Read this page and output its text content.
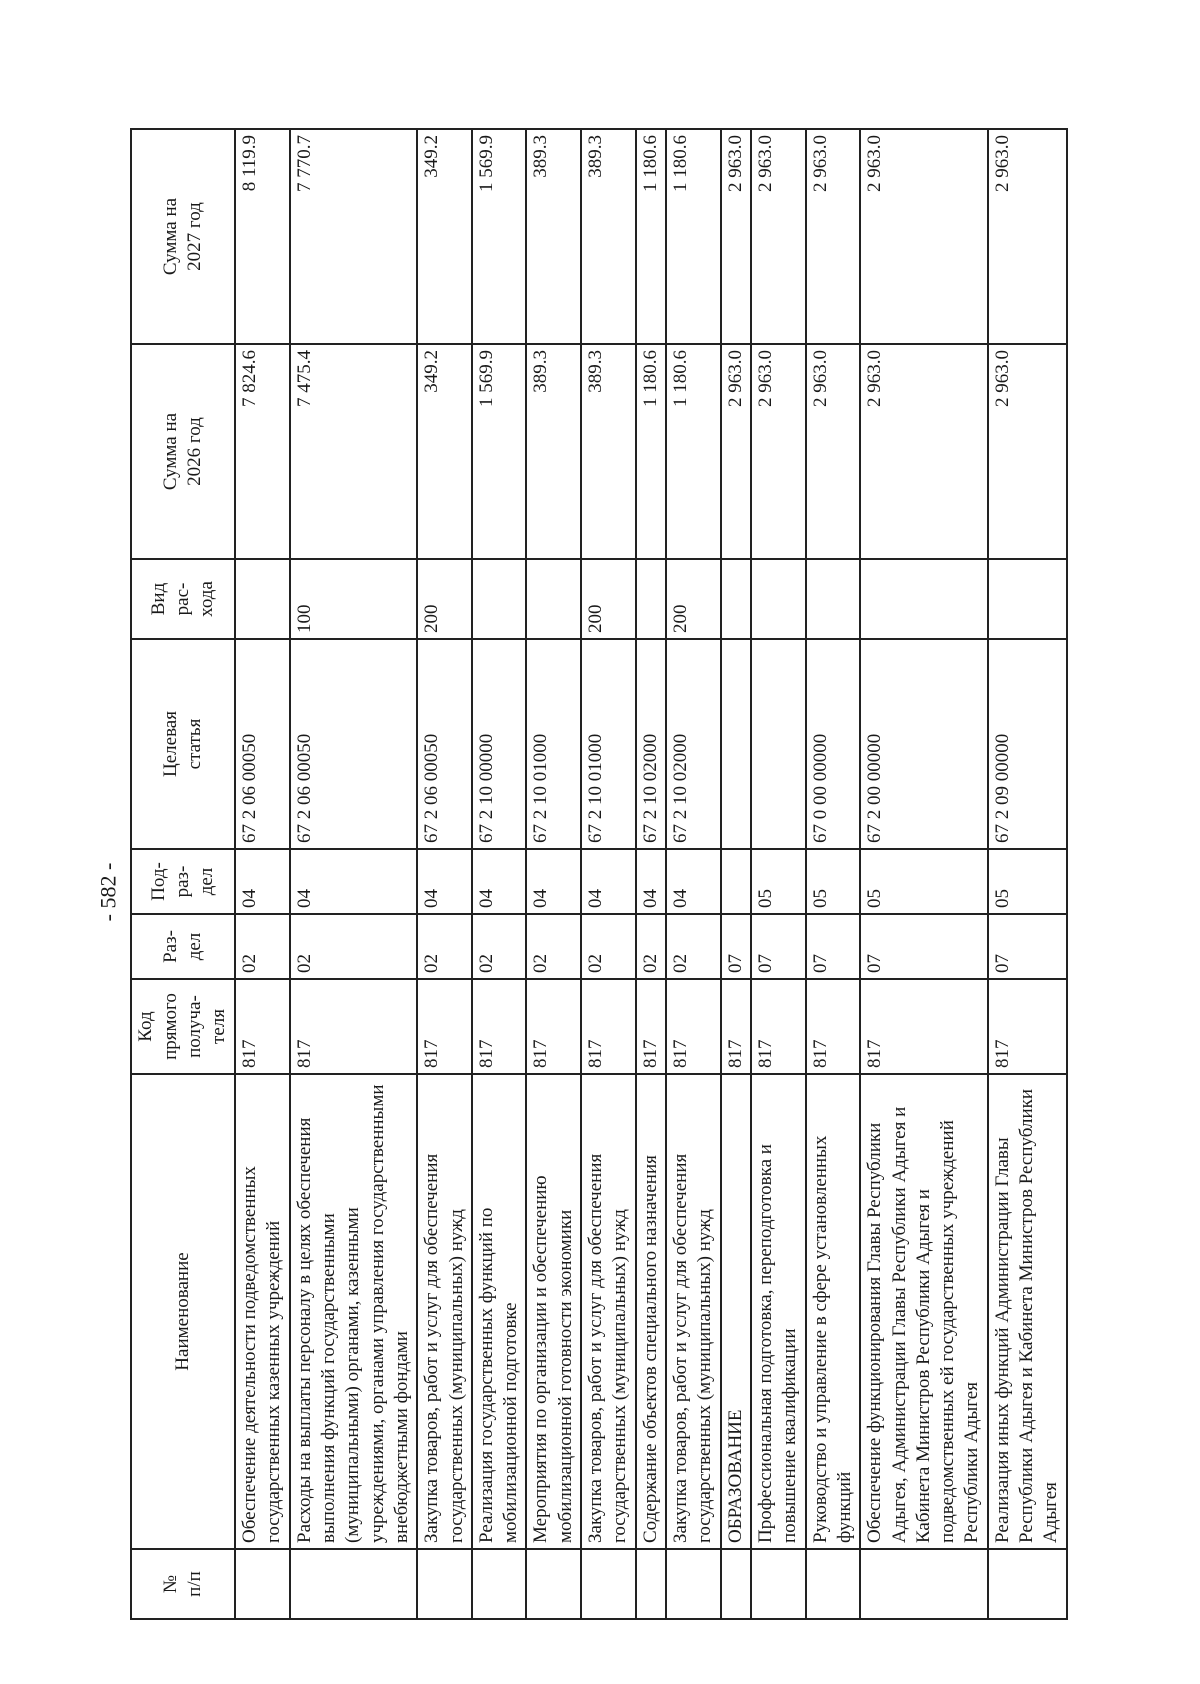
- 582 -
№
п/п	Наименование	Код
прямого
получа-
теля	Раз-
дел	Под-
раз-
дел	Целевая
статья	Вид
рас-
хода	Сумма на
2026 год	Сумма на
2027 год
	Обеспечение деятельности подведомственных государственных казенных учреждений	817	02	04	67 2 06 00050		7 824.6	8 119.9
	Расходы на выплаты персоналу в целях обеспечения выполнения функций государственными (муниципальными) органами, казенными учреждениями, органами управления государственными внебюджетными фондами	817	02	04	67 2 06 00050	100	7 475.4	7 770.7
	Закупка товаров, работ и услуг для обеспечения государственных (муниципальных) нужд	817	02	04	67 2 06 00050	200	349.2	349.2
	Реализация государственных функций по мобилизационной подготовке	817	02	04	67 2 10 00000		1 569.9	1 569.9
	Мероприятия по организации и обеспечению мобилизационной готовности экономики	817	02	04	67 2 10 01000		389.3	389.3
	Закупка товаров, работ и услуг для обеспечения государственных (муниципальных) нужд	817	02	04	67 2 10 01000	200	389.3	389.3
	Содержание объектов специального назначения	817	02	04	67 2 10 02000		1 180.6	1 180.6
	Закупка товаров, работ и услуг для обеспечения государственных (муниципальных) нужд	817	02	04	67 2 10 02000	200	1 180.6	1 180.6
	ОБРАЗОВАНИЕ	817	07				2 963.0	2 963.0
	Профессиональная подготовка, переподготовка и повышение квалификации	817	07	05			2 963.0	2 963.0
	Руководство и управление в сфере установленных функций	817	07	05	67 0 00 00000		2 963.0	2 963.0
	Обеспечение функционирования Главы Республики Адыгея, Администрации Главы Республики Адыгея и Кабинета Министров Республики Адыгея и подведомственных ей государственных учреждений Республики Адыгея	817	07	05	67 2 00 00000		2 963.0	2 963.0
	Реализация иных функций Администрации Главы Республики Адыгея и Кабинета Министров Республики Адыгея	817	07	05	67 2 09 00000		2 963.0	2 963.0
